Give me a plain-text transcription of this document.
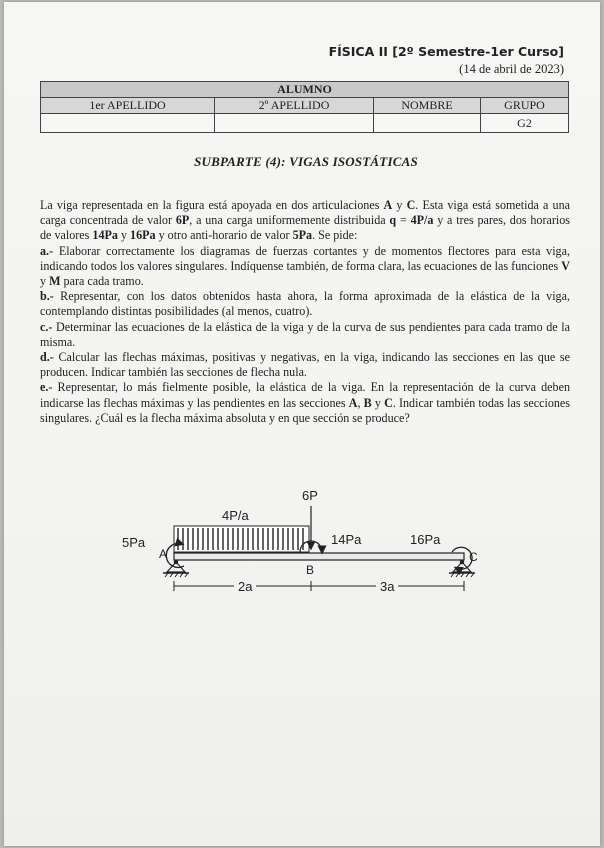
FÍSICA II [2º Semestre-1er Curso]
(14 de abril de 2023)
ALUMNO			
1er APELLIDO	2º APELLIDO	NOMBRE	GRUPO
			G2
SUBPARTE (4): VIGAS ISOSTÁTICAS

La viga representada en la figura está apoyada en dos articulaciones A y C. Esta viga está sometida a una carga concentrada de valor 6P, a una carga uniformemente distribuida q = 4P/a y a tres pares, dos horarios de valores 14Pa y 16Pa y otro anti-horario de valor 5Pa. Se pide:

a.- Elaborar correctamente los diagramas de fuerzas cortantes y de momentos flectores para esta viga, indicando todos los valores singulares. Indíquense también, de forma clara, las ecuaciones de las funciones V y M para cada tramo.

b.- Representar, con los datos obtenidos hasta ahora, la forma aproximada de la elástica de la viga, contemplando distintas posibilidades (al menos, cuatro).

c.- Determinar las ecuaciones de la elástica de la viga y de la curva de sus pendientes para cada tramo de la misma.

d.- Calcular las flechas máximas, positivas y negativas, en la viga, indicando las secciones en las que se producen. Indicar también las secciones de flecha nula.

e.- Representar, lo más fielmente posible, la elástica de la viga. En la representación de la curva deben indicarse las flechas máximas y las pendientes en las secciones A, B y C. Indicar también todas las secciones singulares. ¿Cuál es la flecha máxima absoluta y en que sección se produce?

6P
4P/a
5Pa	14Pa	16Pa
A
B
C
2a	3a
